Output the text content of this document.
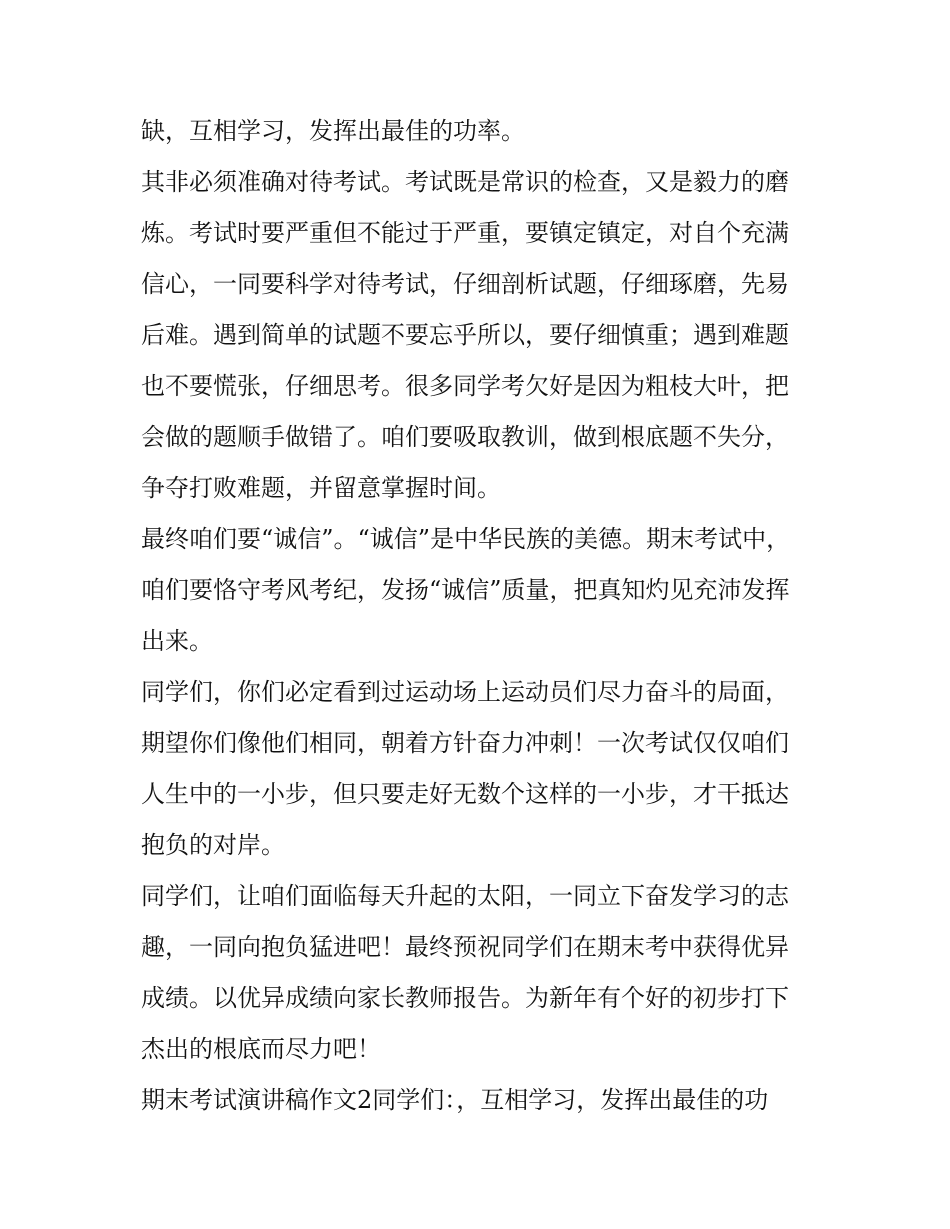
缺，互相学习，发挥出最佳的功率。
其非必须准确对待考试。考试既是常识的检查，又是毅力的磨
炼。考试时要严重但不能过于严重，要镇定镇定，对自个充满
信心，一同要科学对待考试，仔细剖析试题，仔细琢磨，先易
后难。遇到简单的试题不要忘乎所以，要仔细慎重；遇到难题
也不要慌张，仔细思考。很多同学考欠好是因为粗枝大叶，把
会做的题顺手做错了。咱们要吸取教训，做到根底题不失分，
争夺打败难题，并留意掌握时间。
最终咱们要“诚信”。“诚信”是中华民族的美德。期末考试中，
咱们要恪守考风考纪，发扬“诚信”质量，把真知灼见充沛发挥
出来。
同学们，你们必定看到过运动场上运动员们尽力奋斗的局面，
期望你们像他们相同，朝着方针奋力冲刺！一次考试仅仅咱们
人生中的一小步，但只要走好无数个这样的一小步，才干抵达
抱负的对岸。
同学们，让咱们面临每天升起的太阳，一同立下奋发学习的志
趣，一同向抱负猛进吧！最终预祝同学们在期末考中获得优异
成绩。以优异成绩向家长教师报告。为新年有个好的初步打下
杰出的根底而尽力吧！
期末考试演讲稿作文2同学们：，互相学习，发挥出最佳的功
